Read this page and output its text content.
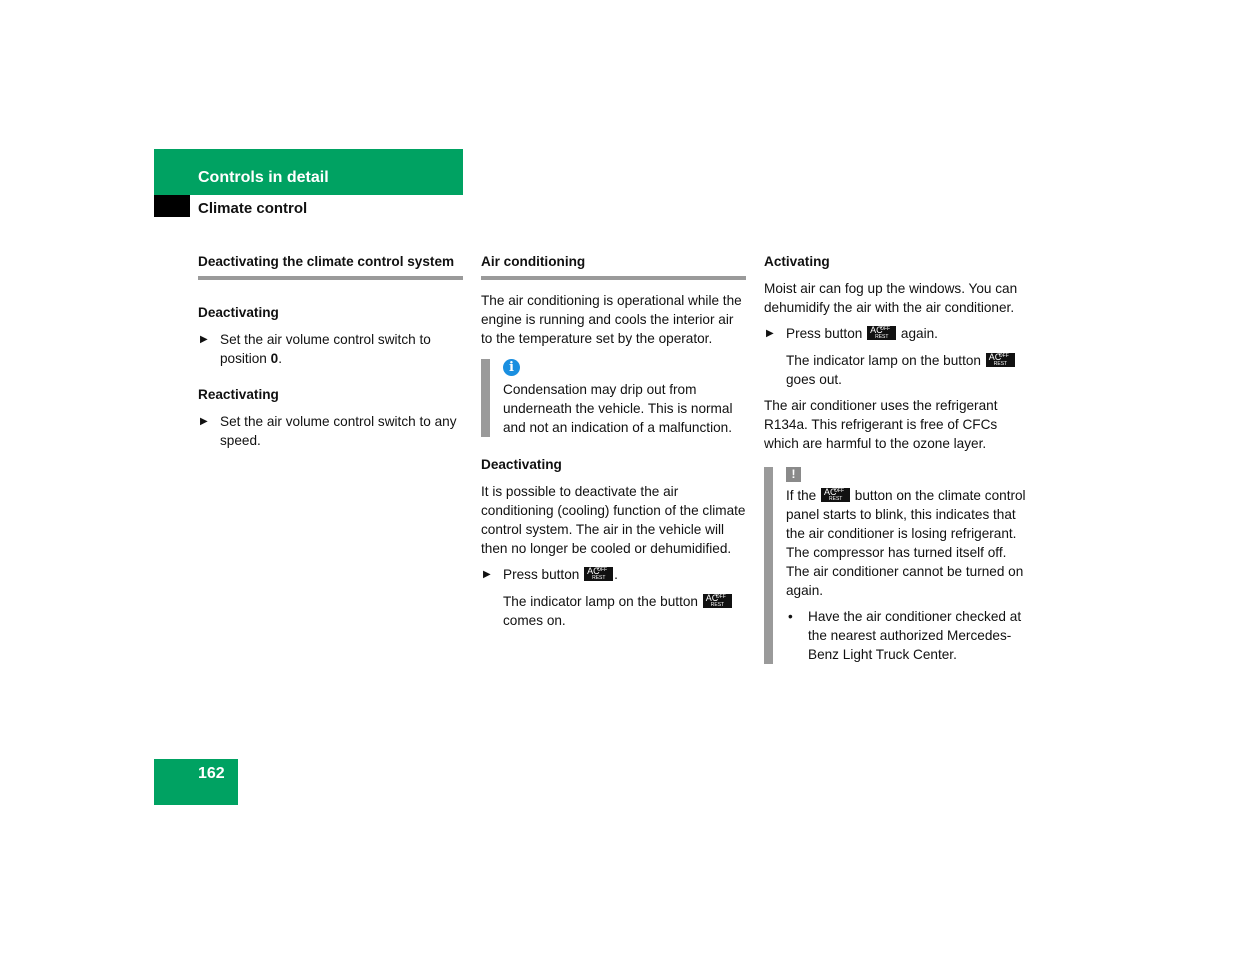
Controls in detail
Climate control
Deactivating the climate control system
Deactivating
▶ Set the air volume control switch to position 0.
Reactivating
▶ Set the air volume control switch to any speed.
Air conditioning

The air conditioning is operational while the engine is running and cools the interior air to the temperature set by the operator.

i

Condensation may drip out from underneath the vehicle. This is normal and not an indication of a malfunction.

Deactivating

It is possible to deactivate the air conditioning (cooling) function of the climate control system. The air in the vehicle will then no longer be cooled or dehumidified.

▶ Press button AC
OFF
REST .

The indicator lamp on the button AC
OFF
REST
comes on.

Activating

Moist air can fog up the windows. You can dehumidify the air with the air conditioner.

▶ Press button AC
OFF
REST again.

The indicator lamp on the button AC
OFF
REST
goes out.

The air conditioner uses the refrigerant R134a. This refrigerant is free of CFCs which are harmful to the ozone layer.

!

If the AC
OFF
REST button on the climate control panel starts to blink, this indicates that the air conditioner is losing refrigerant. The compressor has turned itself off. The air conditioner cannot be turned on again.

• Have the air conditioner checked at the nearest authorized Mercedes-Benz Light Truck Center.
162
